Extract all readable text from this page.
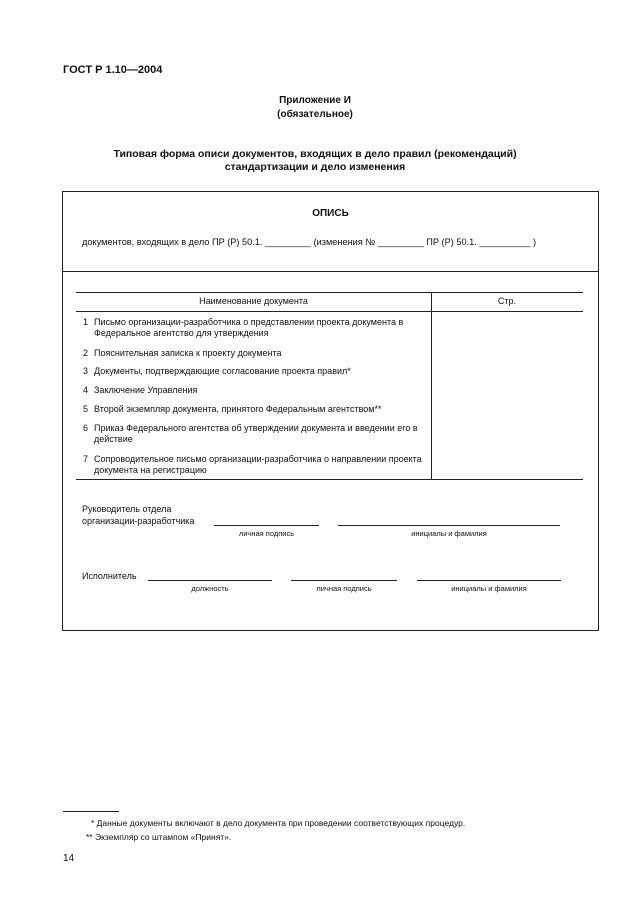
ГОСТ Р 1.10—2004
Приложение И
(обязательное)
Типовая форма описи документов, входящих в дело правил (рекомендаций)
стандартизации и дело изменения
ОПИСЬ
документов, входящих в дело ПР (Р) 50.1. _________ (изменения № _________ ПР (Р) 50.1. __________ )
Наименование документа	Стр.
1 Письмо организации-разработчика о представлении проекта документа в Федеральное агентство для утверждения
2 Пояснительная записка к проекту документа
3 Документы, подтверждающие согласование проекта правил*
4 Заключение Управления
5 Второй экземпляр документа, принятого Федеральным агентством**
6 Приказ Федерального агентства об утверждении документа и введении его в действие
7 Сопроводительное письмо организации-разработчика о направлении проекта документа на регистрацию
Руководитель отдела
организации-разработчика
личная подпись	инициалы и фамилия
Исполнитель
должность	личная подпись	инициалы и фамилия
* Данные документы включают в дело документа при проведении соответствующих процедур.
** Экземпляр со штампом «Принят».
14
